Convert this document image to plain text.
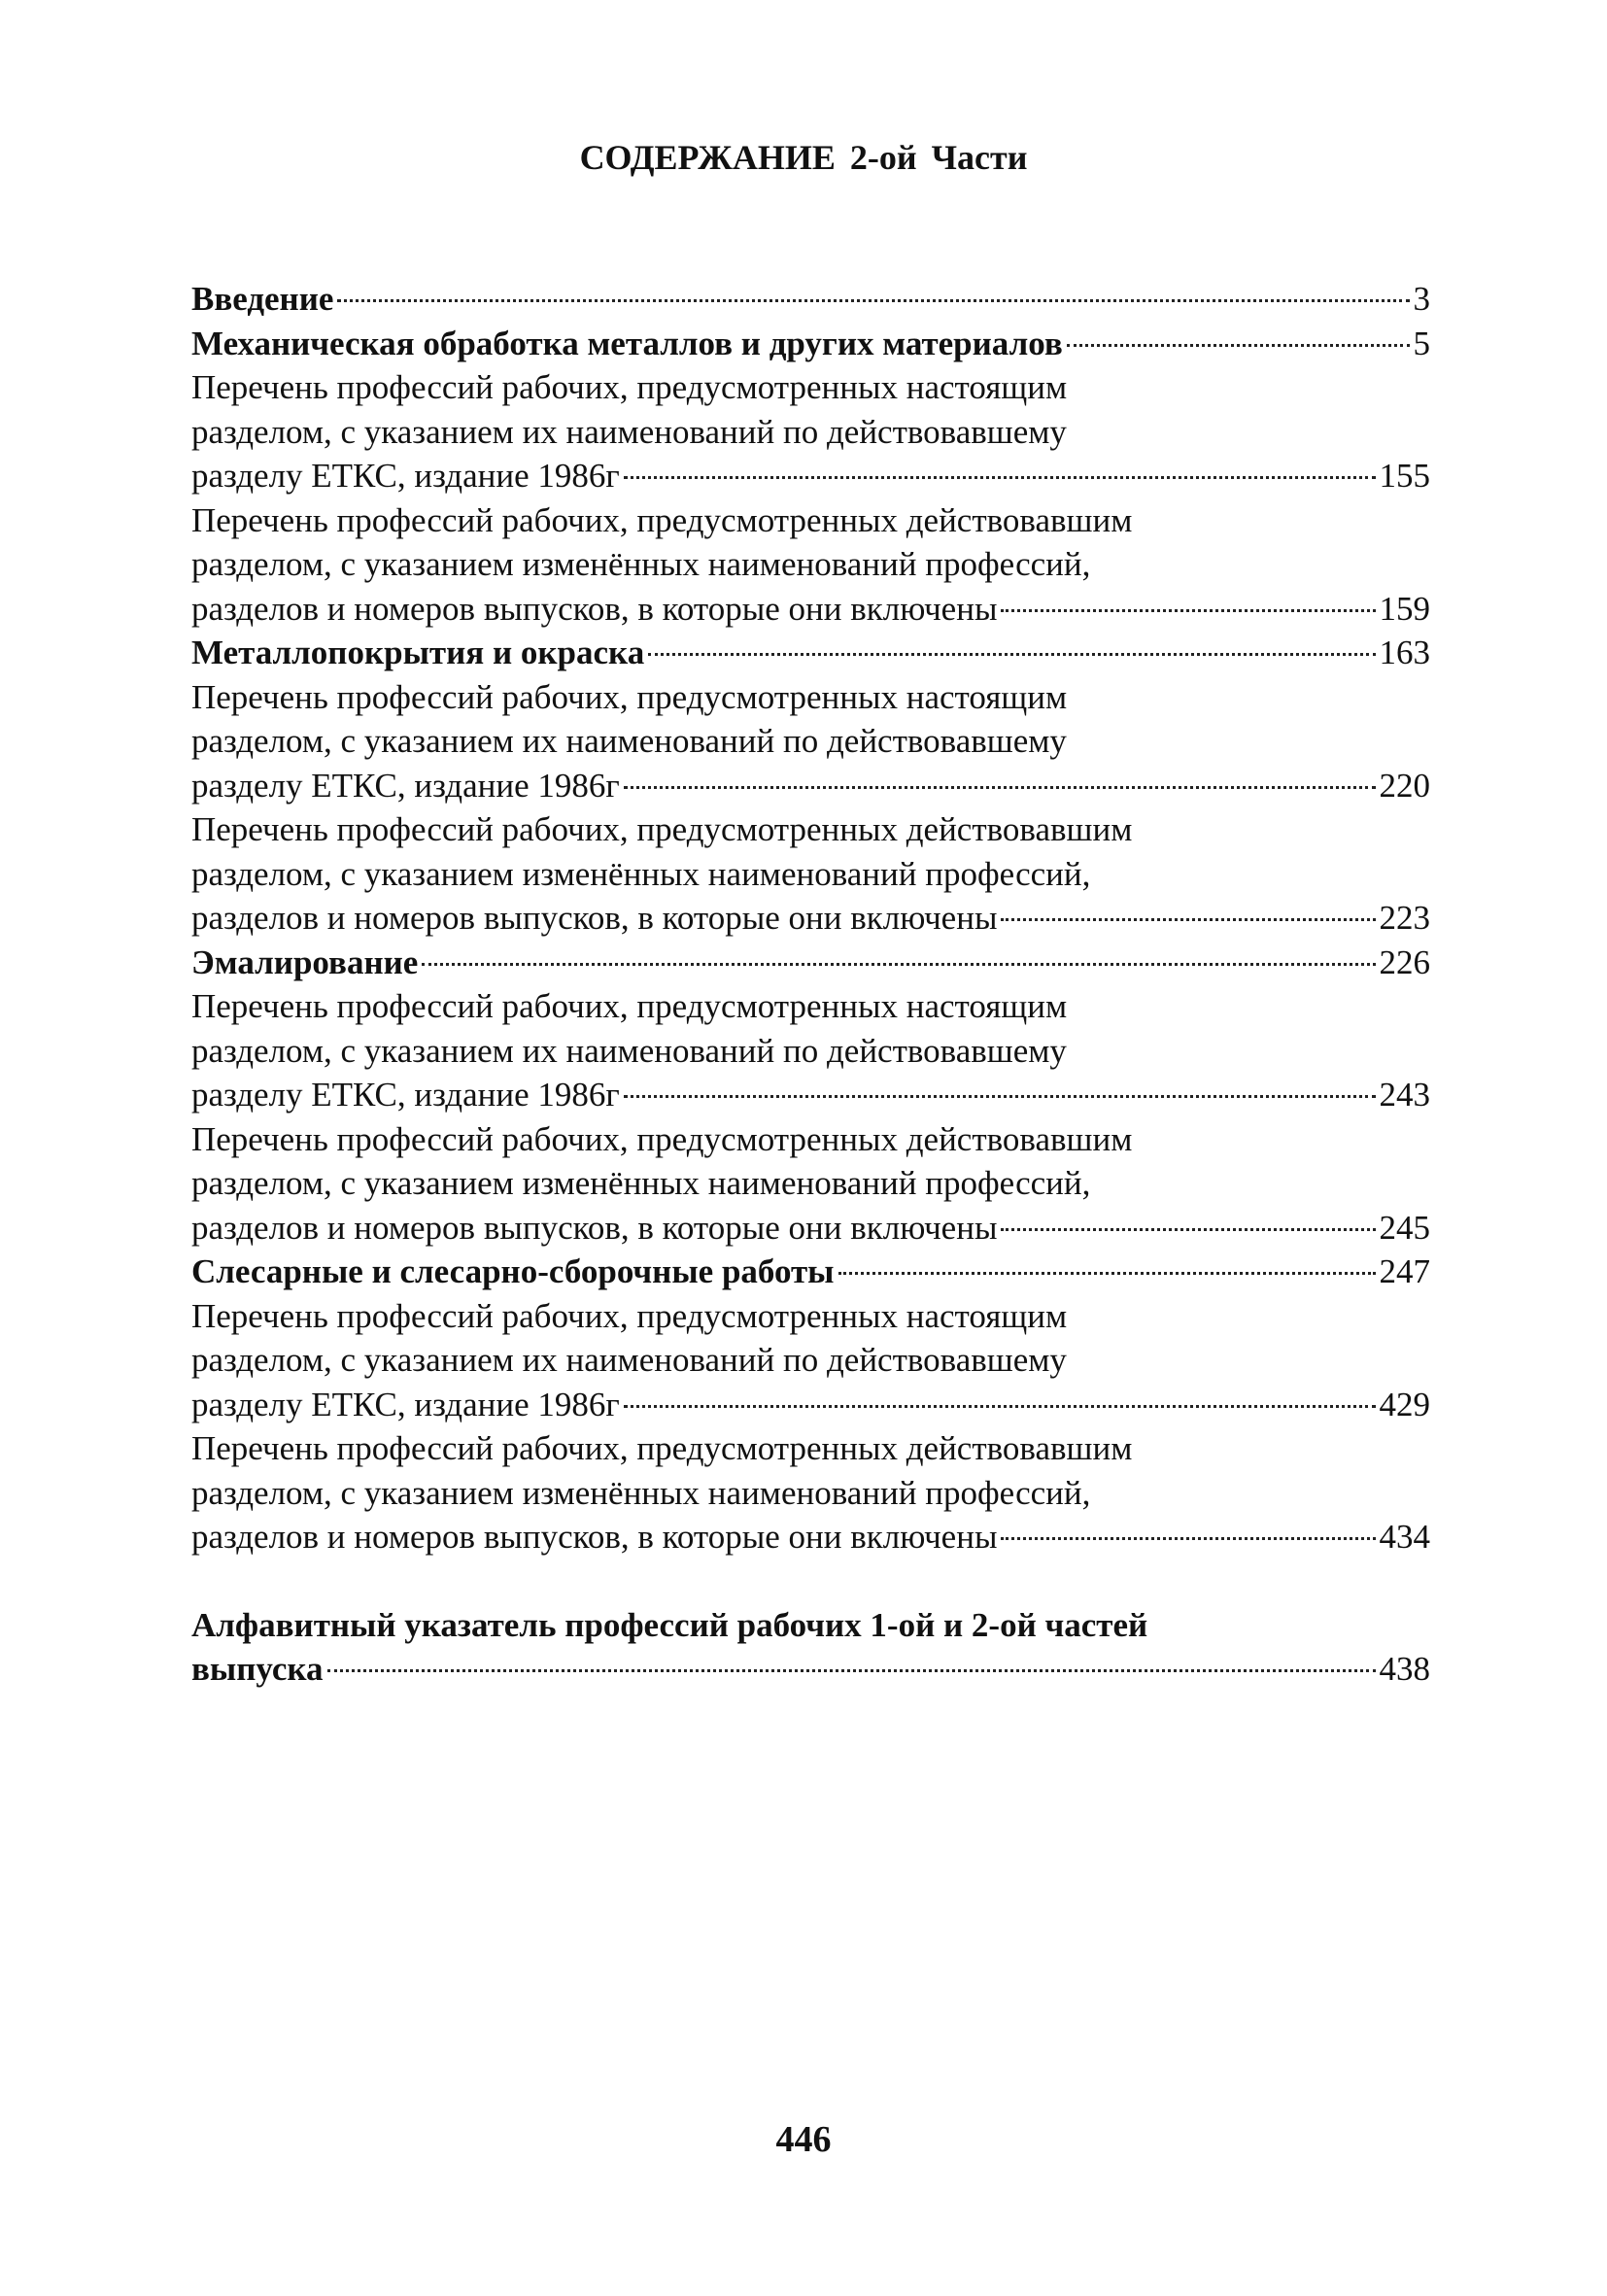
СОДЕРЖАНИЕ 2-ой Части
Введение	3
Механическая обработка металлов и других материалов	5
Перечень профессий рабочих, предусмотренных настоящим
разделом, с указанием их наименований по действовавшему
разделу ЕТКС, издание 1986г	155
Перечень профессий рабочих, предусмотренных действовавшим
разделом, с указанием изменённых наименований профессий,
разделов и номеров выпусков, в которые они включены	159
Металлопокрытия и окраска	163
Перечень профессий рабочих, предусмотренных настоящим
разделом, с указанием их наименований по действовавшему
разделу ЕТКС, издание 1986г	220
Перечень профессий рабочих, предусмотренных действовавшим
разделом, с указанием изменённых наименований профессий,
разделов и номеров выпусков, в которые они включены	223
Эмалирование	226
Перечень профессий рабочих, предусмотренных настоящим
разделом, с указанием их наименований по действовавшему
разделу ЕТКС, издание 1986г	243
Перечень профессий рабочих, предусмотренных действовавшим
разделом, с указанием изменённых наименований профессий,
разделов и номеров выпусков, в которые они включены	245
Слесарные и слесарно-сборочные работы	247
Перечень профессий рабочих, предусмотренных настоящим
разделом, с указанием их наименований по действовавшему
разделу ЕТКС, издание 1986г	429
Перечень профессий рабочих, предусмотренных действовавшим
разделом, с указанием изменённых наименований профессий,
разделов и номеров выпусков, в которые они включены	434
Алфавитный указатель профессий рабочих 1-ой и 2-ой частей
выпуска	438
446
